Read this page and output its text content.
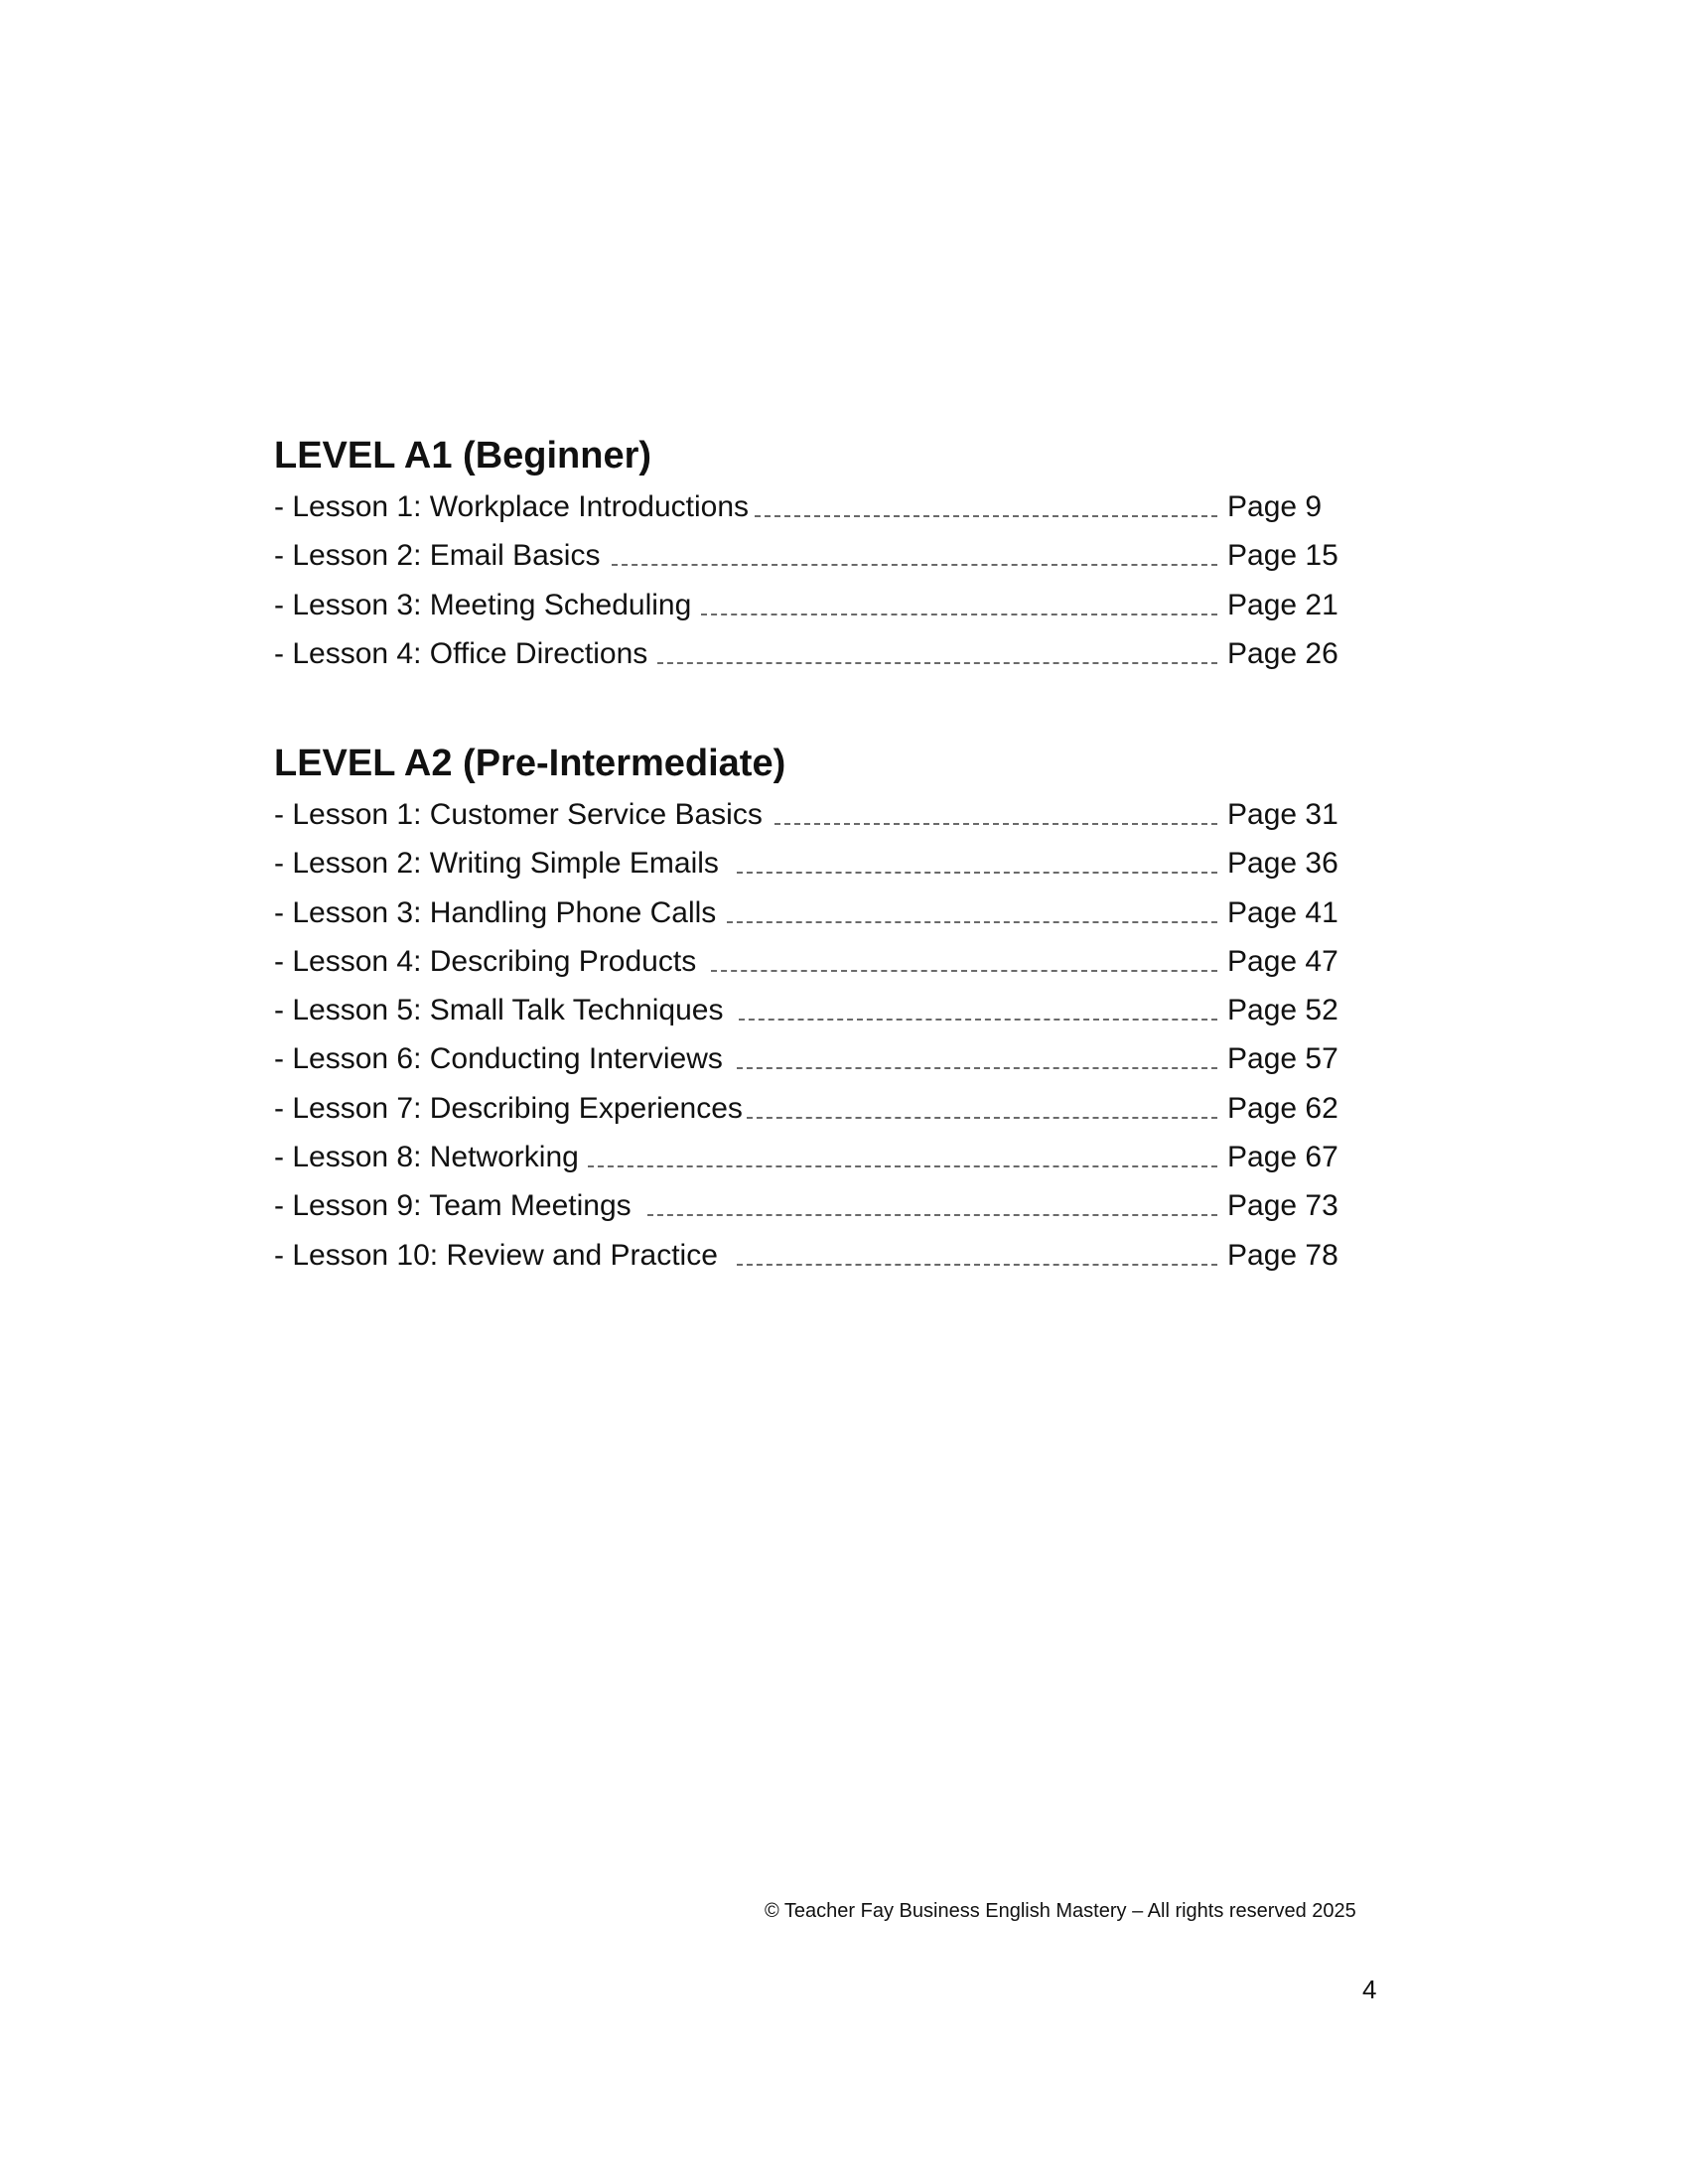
LEVEL A1 (Beginner)
- Lesson 1: Workplace Introductions	Page 9
- Lesson 2: Email Basics	Page 15
- Lesson 3: Meeting Scheduling	Page 21
- Lesson 4: Office Directions	Page 26
LEVEL A2 (Pre-Intermediate)
- Lesson 1: Customer Service Basics	Page 31
- Lesson 2: Writing Simple Emails	Page 36
- Lesson 3: Handling Phone Calls	Page 41
- Lesson 4: Describing Products	Page 47
- Lesson 5: Small Talk Techniques	Page 52
- Lesson 6: Conducting Interviews	Page 57
- Lesson 7: Describing Experiences	Page 62
- Lesson 8: Networking	Page 67
- Lesson 9: Team Meetings	Page 73
- Lesson 10: Review and Practice	Page 78
© Teacher Fay Business English Mastery – All rights reserved 2025
4
